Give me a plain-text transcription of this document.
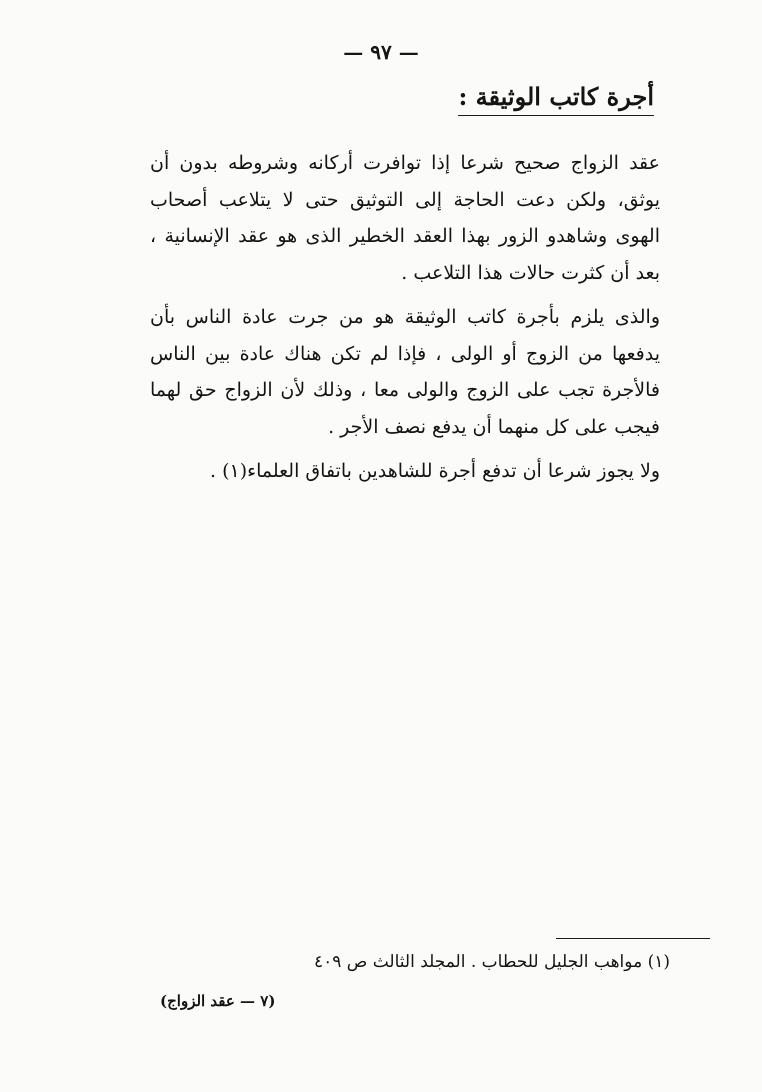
— ٩٧ —
أجرة كاتب الوثيقة :

عقد الزواج صحيح شرعا إذا توافرت أركانه وشروطه بدون أن يوثق، ولكن دعت الحاجة إلى التوثيق حتى لا يتلاعب أصحاب الهوى وشاهدو الزور بهذا العقد الخطير الذى هو عقد الإنسانية ، بعد أن كثرت حالات هذا التلاعب .

والذى يلزم بأجرة كاتب الوثيقة هو من جرت عادة الناس بأن يدفعها من الزوج أو الولى ، فإذا لم تكن هناك عادة بين الناس فالأجرة تجب على الزوج والولى معا ، وذلك لأن الزواج حق لهما فيجب على كل منهما أن يدفع نصف الأجر .

ولا يجوز شرعا أن تدفع أجرة للشاهدين باتفاق العلماء(١) .

(١) مواهب الجليل للحطاب . المجلد الثالث ص ٤٠٩
(٧ — عقد الزواج)
